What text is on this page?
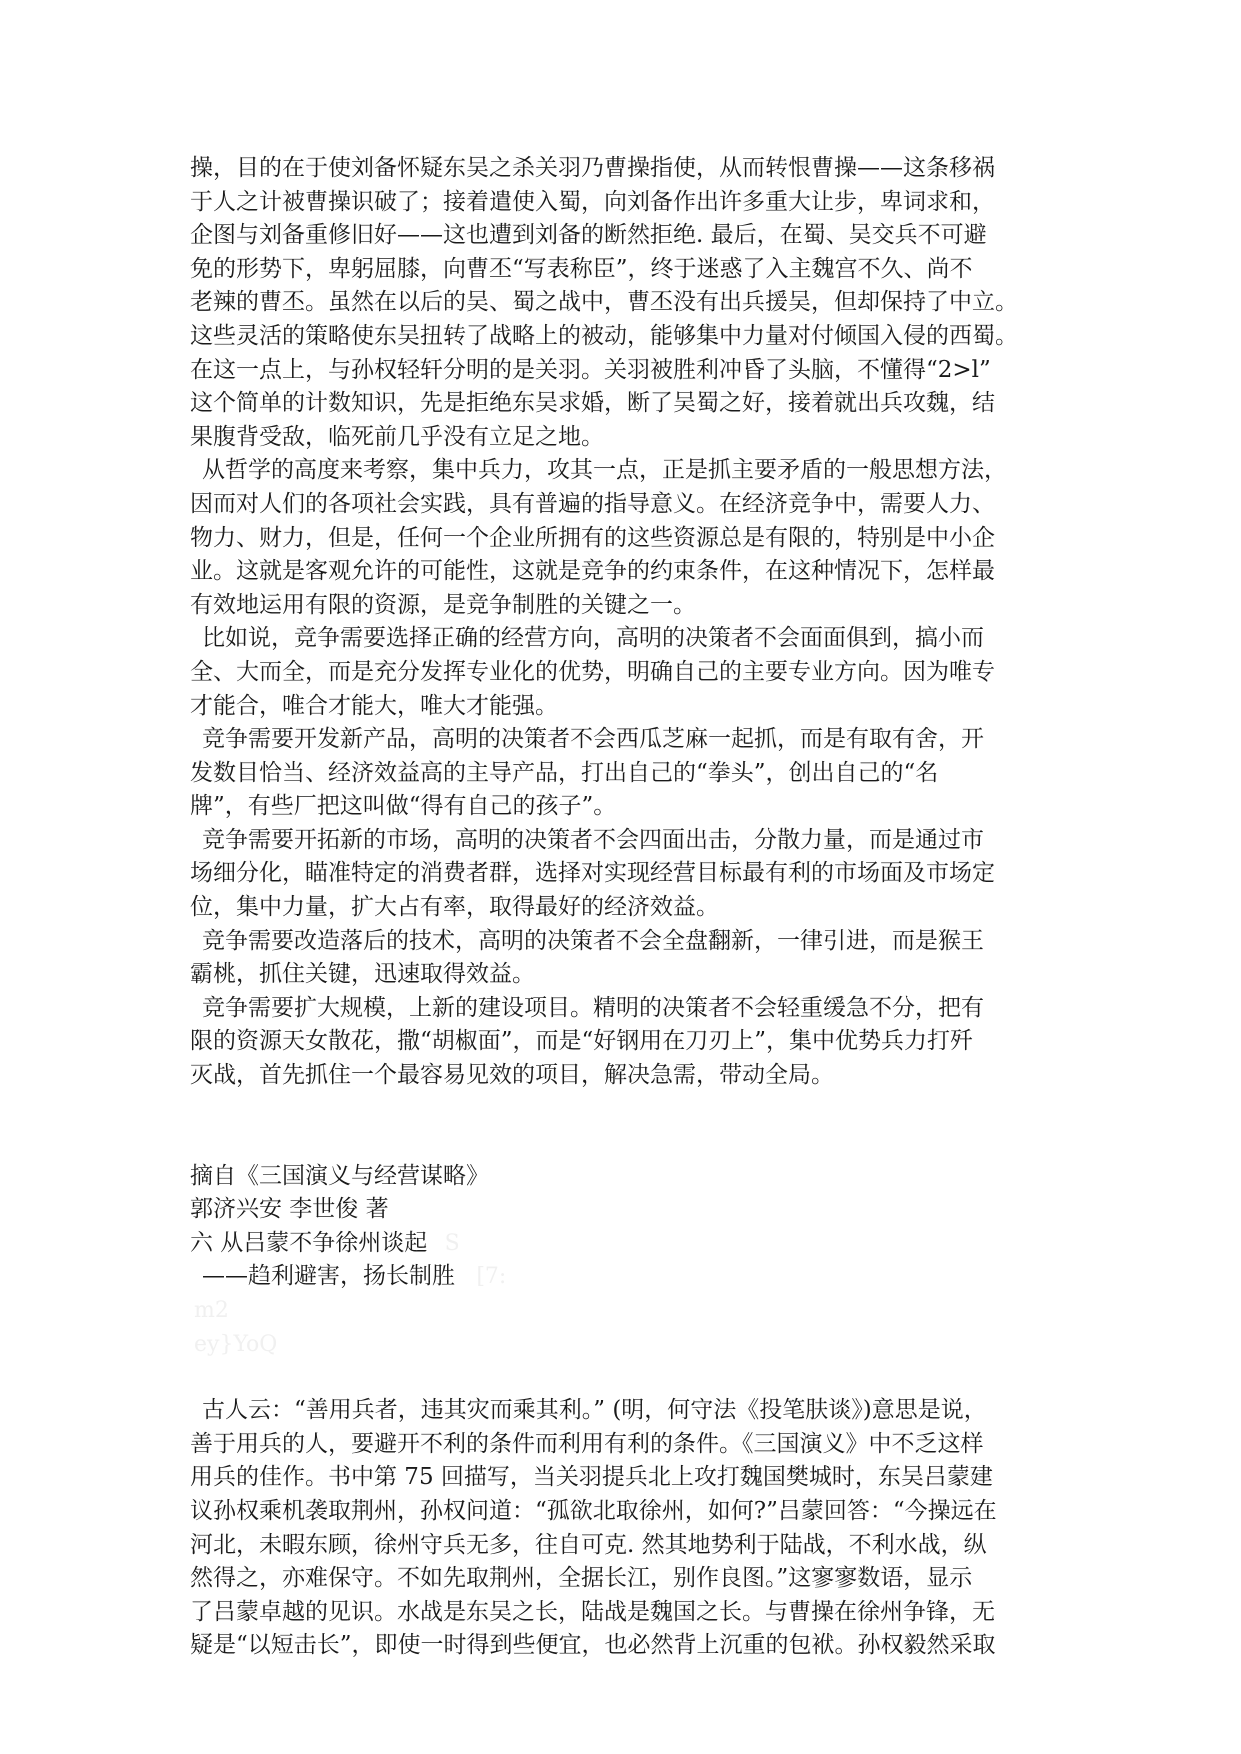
操，目的在于使刘备怀疑东吴之杀关羽乃曹操指使，从而转恨曹操——这条移祸
于人之计被曹操识破了；接着遣使入蜀，向刘备作出许多重大让步，卑词求和，
企图与刘备重修旧好——这也遭到刘备的断然拒绝. 最后，在蜀、吴交兵不可避
免的形势下，卑躬屈膝，向曹丕“写表称臣”，终于迷惑了入主魏宫不久、尚不
老辣的曹丕。虽然在以后的吴、蜀之战中，曹丕没有出兵援吴，但却保持了中立。
这些灵活的策略使东吴扭转了战略上的被动，能够集中力量对付倾国入侵的西蜀。
在这一点上，与孙权轻轩分明的是关羽。关羽被胜利冲昏了头脑，不懂得“2>l”
这个简单的计数知识，先是拒绝东吴求婚，断了吴蜀之好，接着就出兵攻魏，结
果腹背受敌，临死前几乎没有立足之地。
从哲学的高度来考察，集中兵力，攻其一点，正是抓主要矛盾的一般思想方法，
因而对人们的各项社会实践，具有普遍的指导意义。在经济竞争中，需要人力、
物力、财力，但是，任何一个企业所拥有的这些资源总是有限的，特别是中小企
业。这就是客观允许的可能性，这就是竞争的约束条件，在这种情况下，怎样最
有效地运用有限的资源，是竞争制胜的关键之一。
比如说，竞争需要选择正确的经营方向，高明的决策者不会面面俱到，搞小而
全、大而全，而是充分发挥专业化的优势，明确自己的主要专业方向。因为唯专
才能合，唯合才能大，唯大才能强。
竞争需要开发新产品，高明的决策者不会西瓜芝麻一起抓，而是有取有舍，开
发数目恰当、经济效益高的主导产品，打出自己的“拳头”，创出自己的“名
牌”，有些厂把这叫做“得有自己的孩子”。
竞争需要开拓新的市场，高明的决策者不会四面出击，分散力量，而是通过市
场细分化，瞄准特定的消费者群，选择对实现经营目标最有利的市场面及市场定
位，集中力量，扩大占有率，取得最好的经济效益。
竞争需要改造落后的技术，高明的决策者不会全盘翻新，一律引进，而是猴王
霸桃，抓住关键，迅速取得效益。
竞争需要扩大规模，上新的建设项目。精明的决策者不会轻重缓急不分，把有
限的资源天女散花，撒“胡椒面”，而是“好钢用在刀刃上”，集中优势兵力打歼
灭战，首先抓住一个最容易见效的项目，解决急需，带动全局。
摘自《三国演义与经营谋略》
郭济兴安 李世俊 著
六 从吕蒙不争徐州谈起 S
——趋利避害，扬长制胜 [7:
m2
ey}YoQ
古人云：“善用兵者，违其灾而乘其利。” (明，何守法《投笔肤谈》)意思是说，
善于用兵的人，要避开不利的条件而利用有利的条件。《三国演义》中不乏这样
用兵的佳作。书中第 75 回描写，当关羽提兵北上攻打魏国樊城时，东吴吕蒙建
议孙权乘机袭取荆州，孙权问道：“孤欲北取徐州，如何?”吕蒙回答：“今操远在
河北，未暇东顾，徐州守兵无多，往自可克. 然其地势利于陆战，不利水战，纵
然得之，亦难保守。不如先取荆州，全据长江，别作良图。”这寥寥数语，显示
了吕蒙卓越的见识。水战是东吴之长，陆战是魏国之长。与曹操在徐州争锋，无
疑是“以短击长”，即使一时得到些便宜，也必然背上沉重的包袱。孙权毅然采取
